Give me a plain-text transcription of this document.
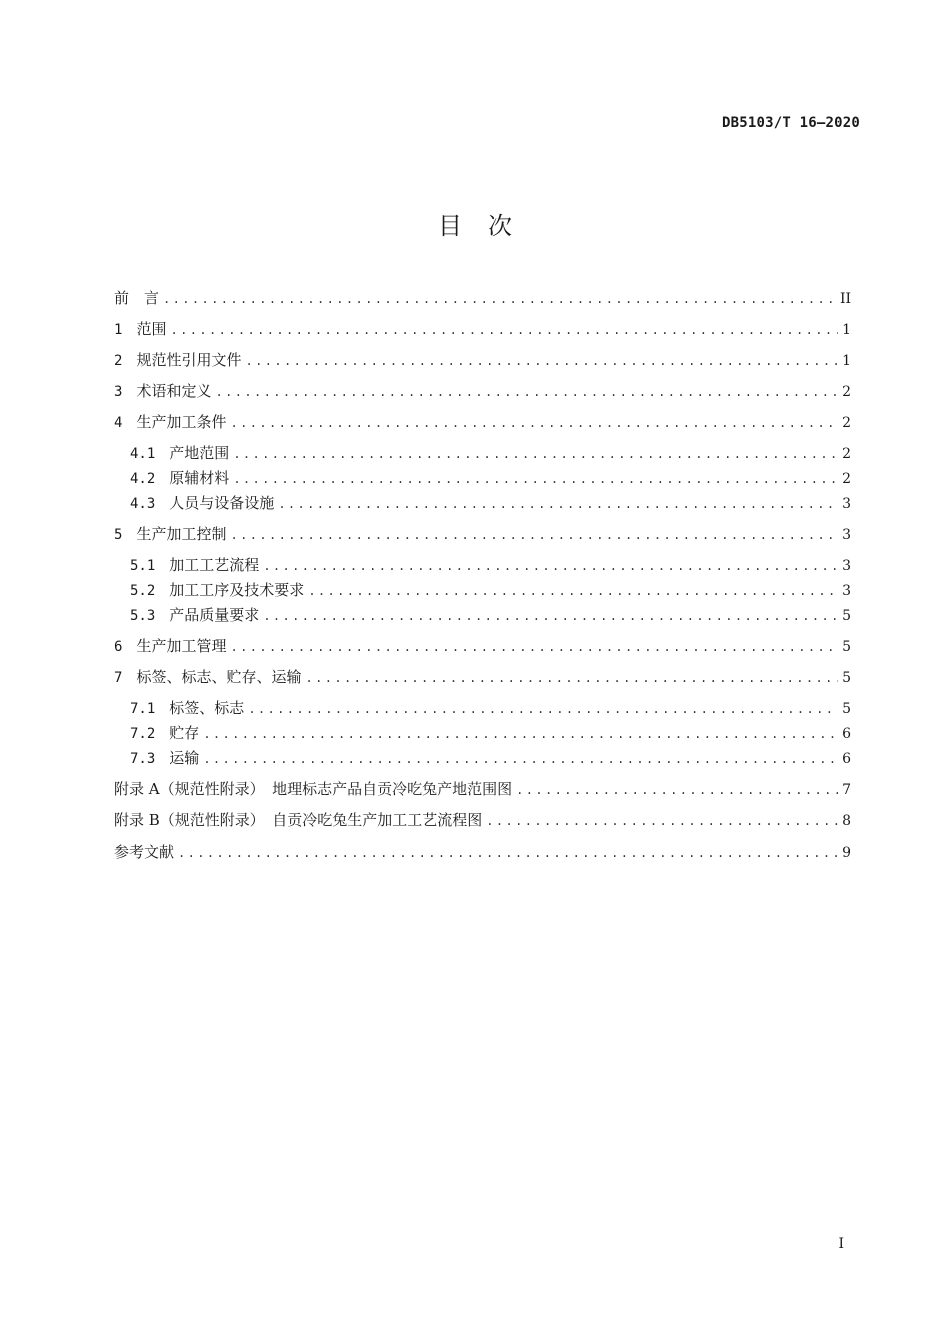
DB5103/T 16—2020
目次
前　言 .....	II
1 范围 .....	1
2 规范性引用文件 .....	1
3 术语和定义 .....	2
4 生产加工条件 .....	2
4.1 产地范围 .....	2
4.2 原辅材料 .....	2
4.3 人员与设备设施 .....	3
5 生产加工控制 .....	3
5.1 加工工艺流程 .....	3
5.2 加工工序及技术要求 .....	3
5.3 产品质量要求 .....	5
6 生产加工管理 .....	5
7 标签、标志、贮存、运输 .....	5
7.1 标签、标志 .....	5
7.2 贮存 .....	6
7.3 运输 .....	6
附录 A（规范性附录）　地理标志产品自贡冷吃兔产地范围图 .....	7
附录 B（规范性附录）　自贡冷吃兔生产加工工艺流程图 .....	8
参考文献 .....	9
I
